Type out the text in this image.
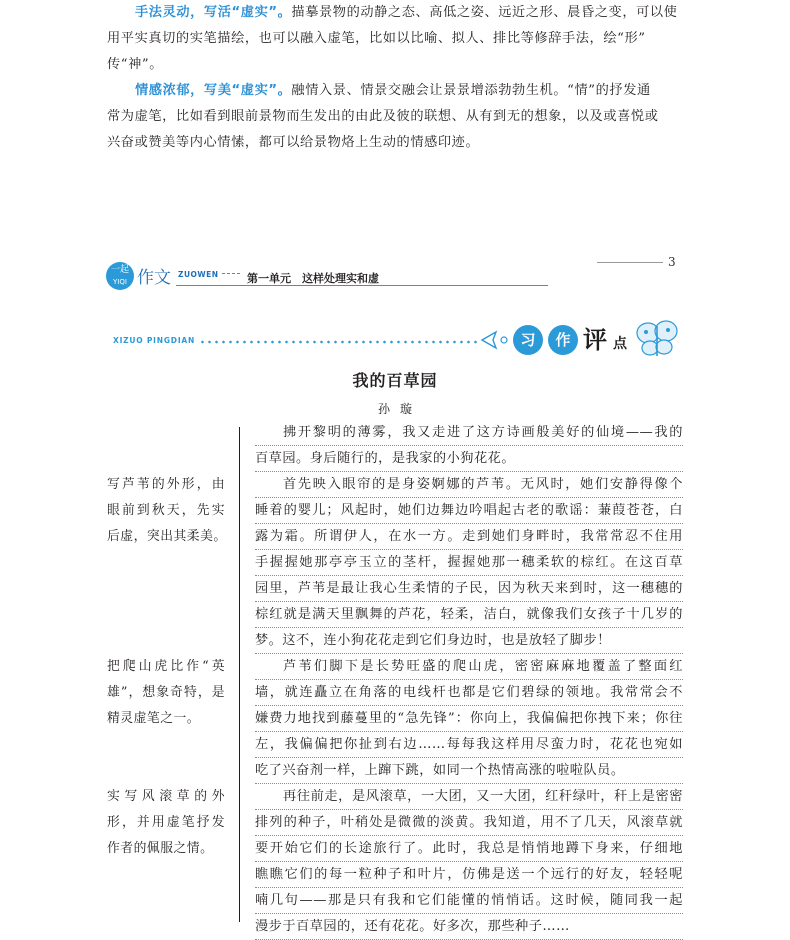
手法灵动，写活“虚实”。描摹景物的动静之态、高低之姿、远近之形、晨昏之变，可以使
用平实真切的实笔描绘，也可以融入虚笔，比如以比喻、拟人、排比等修辞手法，绘“形”
传“神”。
情感浓郁，写美“虚实”。融情入景、情景交融会让景景增添勃勃生机。“情”的抒发通
常为虚笔，比如看到眼前景物而生发出的由此及彼的联想、从有到无的想象，以及或喜悦或
兴奋或赞美等内心情愫，都可以给景物烙上生动的情感印迹。
3
一起
YIQI 作文 ZUOWEN	第一单元　这样处理实和虚
XIZUO PINGDIAN	习	作 评 点
我的百草园
孙璇
写芦苇的外形，由
眼前到秋天，先实
后虚，突出其柔美。
把爬山虎比作“英
雄”，想象奇特，是
精灵虚笔之一。
实写风滚草的外
形，并用虚笔抒发
作者的佩服之情。
拂开黎明的薄雾，我又走进了这方诗画般美好的仙境——我的
百草园。身后随行的，是我家的小狗花花。
首先映入眼帘的是身姿婀娜的芦苇。无风时，她们安静得像个
睡着的婴儿；风起时，她们边舞边吟唱起古老的歌谣：蒹葭苍苍，白
露为霜。所谓伊人，在水一方。走到她们身畔时，我常常忍不住用
手握握她那亭亭玉立的茎杆，握握她那一穗柔软的棕红。在这百草
园里，芦苇是最让我心生柔情的子民，因为秋天来到时，这一穗穗的
棕红就是满天里飘舞的芦花，轻柔，洁白，就像我们女孩子十几岁的
梦。这不，连小狗花花走到它们身边时，也是放轻了脚步！
芦苇们脚下是长势旺盛的爬山虎，密密麻麻地覆盖了整面红
墙，就连矗立在角落的电线杆也都是它们碧绿的领地。我常常会不
嫌费力地找到藤蔓里的“急先锋”：你向上，我偏偏把你拽下来；你往
左，我偏偏把你扯到右边……每每我这样用尽蛮力时，花花也宛如
吃了兴奋剂一样，上蹿下跳，如同一个热情高涨的啦啦队员。
再往前走，是风滚草，一大团，又一大团，红秆绿叶，秆上是密密
排列的种子，叶稍处是微微的淡黄。我知道，用不了几天，风滚草就
要开始它们的长途旅行了。此时，我总是悄悄地蹲下身来，仔细地
瞧瞧它们的每一粒种子和叶片，仿佛是送一个远行的好友，轻轻呢
喃几句——那是只有我和它们能懂的悄悄话。这时候，随同我一起
漫步于百草园的，还有花花。好多次，那些种子……
